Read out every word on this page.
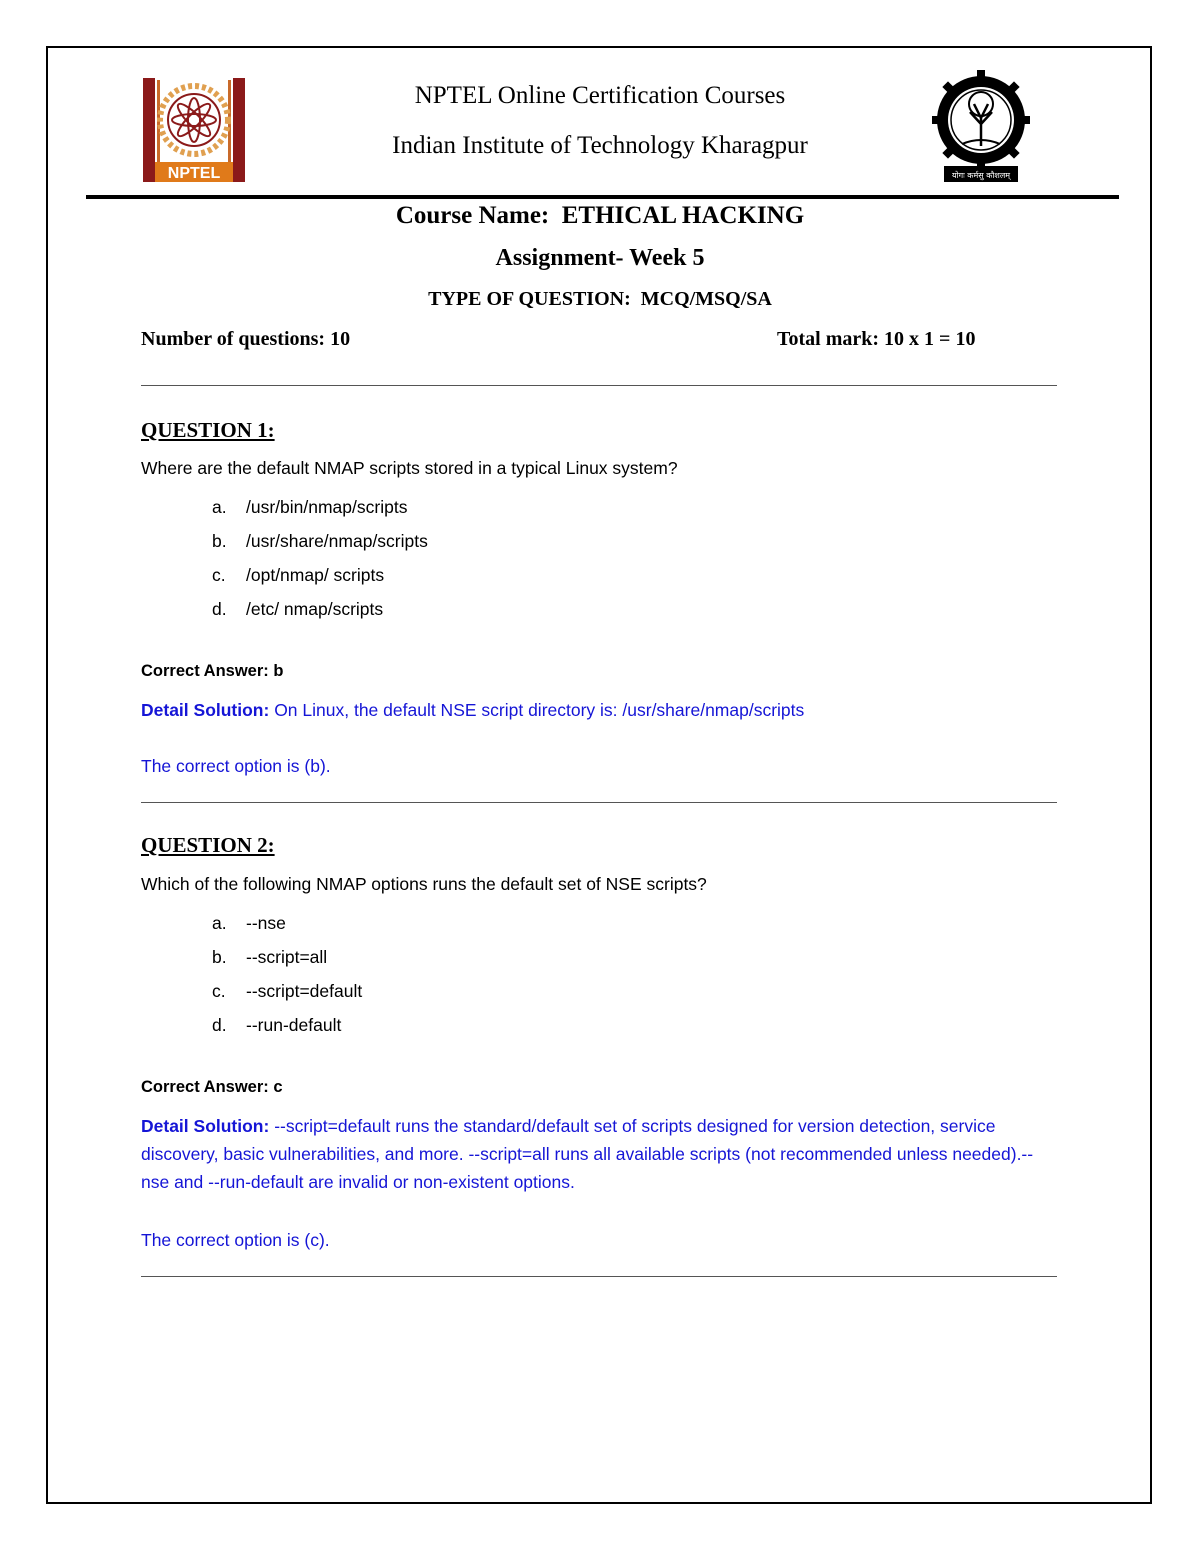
NPTEL
NPTEL Online Certification Courses
Indian Institute of Technology Kharagpur
योगः कर्मसु कौशलम्
Course Name: ETHICAL HACKING
Assignment- Week 5
TYPE OF QUESTION: MCQ/MSQ/SA
Number of questions: 10	Total mark: 10 x 1 = 10
QUESTION 1:
Where are the default NMAP scripts stored in a typical Linux system?
a. /usr/bin/nmap/scripts
b. /usr/share/nmap/scripts
c. /opt/nmap/ scripts
d. /etc/ nmap/scripts
Correct Answer: b
Detail Solution: On Linux, the default NSE script directory is: /usr/share/nmap/scripts
The correct option is (b).
QUESTION 2:
Which of the following NMAP options runs the default set of NSE scripts?
a. --nse
b. --script=all
c. --script=default
d. --run-default
Correct Answer: c
Detail Solution: --script=default runs the standard/default set of scripts designed for version detection, service discovery, basic vulnerabilities, and more. --script=all runs all available scripts (not recommended unless needed).--nse and --run-default are invalid or non-existent options.
The correct option is (c).
